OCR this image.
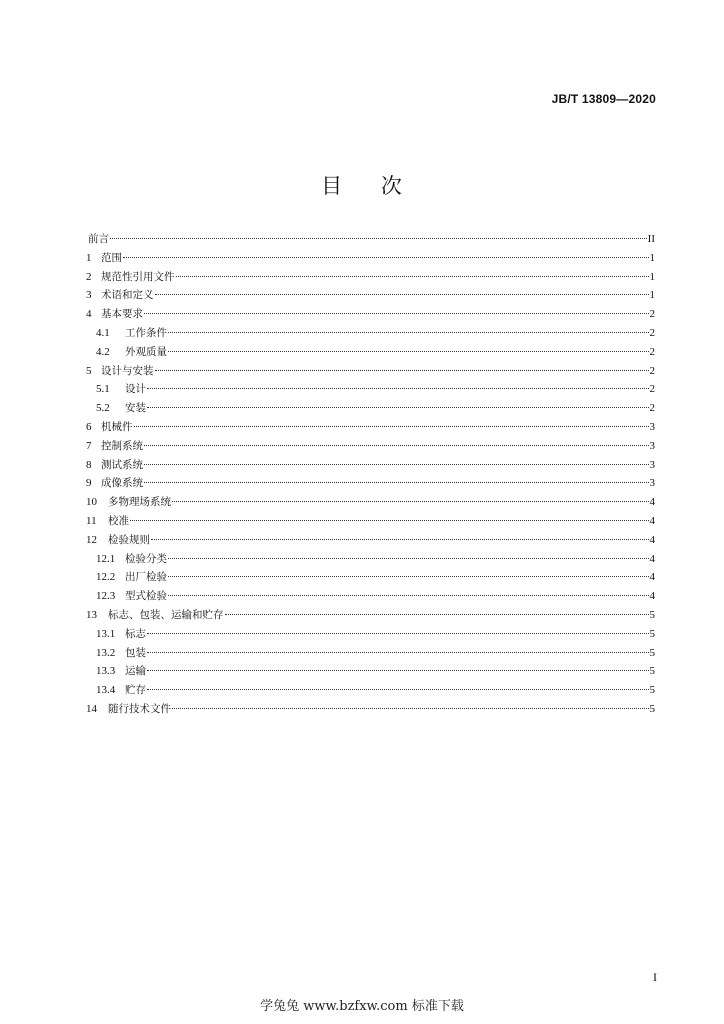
JB/T 13809—2020
目 次
前言	II
1 范围	1
2 规范性引用文件	1
3 术语和定义	1
4 基本要求	2
4.1	工作条件	2
4.2	外观质量	2
5 设计与安装	2
5.1	设计	2
5.2	安装	2
6 机械件	3
7 控制系统	3
8 测试系统	3
9 成像系统	3
10	多物理场系统	4
11	校准	4
12	检验规则	4
12.1 检验分类	4
12.2 出厂检验	4
12.3 型式检验	4
13	标志、包装、运输和贮存	5
13.1 标志	5
13.2 包装	5
13.3 运输	5
13.4 贮存	5
14	随行技术文件	5
I
学兔兔 www.bzfxw.com 标准下载
